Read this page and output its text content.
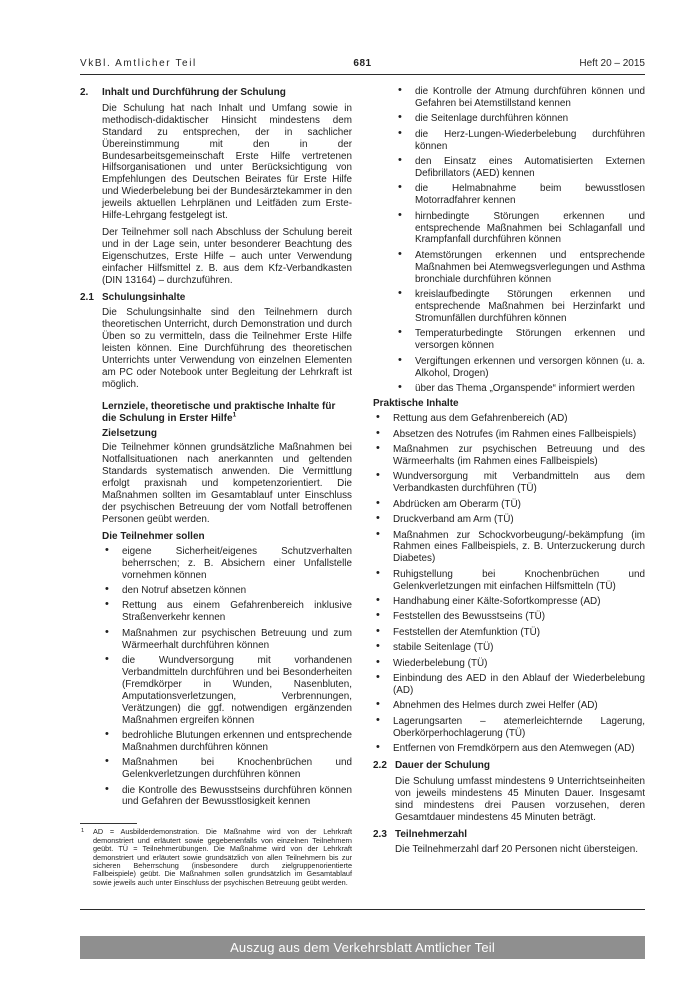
VkBl. Amtlicher Teil	681	Heft 20 – 2015
2.	Inhalt und Durchführung der Schulung

Die Schulung hat nach Inhalt und Umfang sowie in methodisch-didaktischer Hinsicht mindestens dem Standard zu entsprechen, der in sachlicher Übereinstimmung mit den in der Bundesarbeitsgemeinschaft Erste Hilfe vertretenen Hilfsorganisationen und unter Berücksichtigung von Empfehlungen des Deutschen Beirates für Erste Hilfe und Wiederbelebung bei der Bundesärztekammer in den jeweils aktuellen Lehrplänen und Leitfäden zum Erste-Hilfe-Lehrgang festgelegt ist.

Der Teilnehmer soll nach Abschluss der Schulung bereit und in der Lage sein, unter besonderer Beachtung des Eigenschutzes, Erste Hilfe – auch unter Verwendung einfacher Hilfsmittel z. B. aus dem Kfz-Verbandkasten (DIN 13164) – durchzuführen.

2.1 Schulungsinhalte

Die Schulungsinhalte sind den Teilnehmern durch theoretischen Unterricht, durch Demonstration und durch Üben so zu vermitteln, dass die Teilnehmer Erste Hilfe leisten können. Eine Durchführung des theoretischen Unterrichts unter Verwendung von einzelnen Elementen am PC oder Notebook unter Begleitung der Lehrkraft ist möglich.

Lernziele, theoretische und praktische Inhalte für die Schulung in Erster Hilfe$^1$
Zielsetzung

Die Teilnehmer können grundsätzliche Maßnahmen bei Notfallsituationen nach anerkannten und geltenden Standards systematisch anwenden. Die Vermittlung erfolgt praxisnah und kompetenzorientiert. Die Maßnahmen sollten im Gesamtablauf unter Einschluss der psychischen Betreuung der vom Notfall betroffenen Personen geübt werden.

Die Teilnehmer sollen
• eigene Sicherheit/eigenes Schutzverhalten beherrschen; z. B. Absichern einer Unfallstelle vornehmen können
• den Notruf absetzen können
• Rettung aus einem Gefahrenbereich inklusive Straßenverkehr kennen
• Maßnahmen zur psychischen Betreuung und zum Wärmeerhalt durchführen können
• die Wundversorgung mit vorhandenen Verbandmitteln durchführen und bei Besonderheiten (Fremdkörper in Wunden, Nasenbluten, Amputationsverletzungen, Verbrennungen, Verätzungen) die ggf. notwendigen ergänzenden Maßnahmen ergreifen können
• bedrohliche Blutungen erkennen und entsprechende Maßnahmen durchführen können
• Maßnahmen bei Knochenbrüchen und Gelenkverletzungen durchführen können
• die Kontrolle des Bewusstseins durchführen können und Gefahren der Bewusstlosigkeit kennen
1 AD = Ausbilderdemonstration. Die Maßnahme wird von der Lehrkraft demonstriert und erläutert sowie gegebenenfalls von einzelnen Teilnehmern geübt. TÜ = Teilnehmerübungen. Die Maßnahme wird von der Lehrkraft demonstriert und erläutert sowie grundsätzlich von allen Teilnehmern bis zur sicheren Beherrschung (insbesondere durch zielgruppenorientierte Fallbeispiele) geübt. Die Maßnahmen sollen grundsätzlich im Gesamtablauf sowie jeweils auch unter Einschluss der psychischen Betreuung geübt werden.
• die Kontrolle der Atmung durchführen können und Gefahren bei Atemstillstand kennen
• die Seitenlage durchführen können
• die Herz-Lungen-Wiederbelebung durchführen können
• den Einsatz eines Automatisierten Externen Defibrillators (AED) kennen
• die Helmabnahme beim bewusstlosen Motorradfahrer kennen
• hirnbedingte Störungen erkennen und entsprechende Maßnahmen bei Schlaganfall und Krampfanfall durchführen können
• Atemstörungen erkennen und entsprechende Maßnahmen bei Atemwegsverlegungen und Asthma bronchiale durchführen können
• kreislaufbedingte Störungen erkennen und entsprechende Maßnahmen bei Herzinfarkt und Stromunfällen durchführen können
• Temperaturbedingte Störungen erkennen und versorgen können
• Vergiftungen erkennen und versorgen können (u. a. Alkohol, Drogen)
• über das Thema „Organspende“ informiert werden
Praktische Inhalte
• Rettung aus dem Gefahrenbereich (AD)
• Absetzen des Notrufes (im Rahmen eines Fallbeispiels)
• Maßnahmen zur psychischen Betreuung und des Wärmeerhalts (im Rahmen eines Fallbeispiels)
• Wundversorgung mit Verbandmitteln aus dem Verbandkasten durchführen (TÜ)
• Abdrücken am Oberarm (TÜ)
• Druckverband am Arm (TÜ)
• Maßnahmen zur Schockvorbeugung/-bekämpfung (im Rahmen eines Fallbeispiels, z. B. Unterzuckerung durch Diabetes)
• Ruhigstellung bei Knochenbrüchen und Gelenkverletzungen mit einfachen Hilfsmitteln (TÜ)
• Handhabung einer Kälte-Sofortkompresse (AD)
• Feststellen des Bewusstseins (TÜ)
• Feststellen der Atemfunktion (TÜ)
• stabile Seitenlage (TÜ)
• Wiederbelebung (TÜ)
• Einbindung des AED in den Ablauf der Wiederbelebung (AD)
• Abnehmen des Helmes durch zwei Helfer (AD)
• Lagerungsarten – atemerleichternde Lagerung, Oberkörperhochlagerung (TÜ)
• Entfernen von Fremdkörpern aus den Atemwegen (AD)
2.2 Dauer der Schulung

Die Schulung umfasst mindestens 9 Unterrichtseinheiten von jeweils mindestens 45 Minuten Dauer. Insgesamt sind mindestens drei Pausen vorzusehen, deren Gesamtdauer mindestens 45 Minuten beträgt.

2.3 Teilnehmerzahl

Die Teilnehmerzahl darf 20 Personen nicht übersteigen.

Auszug aus dem Verkehrsblatt Amtlicher Teil
